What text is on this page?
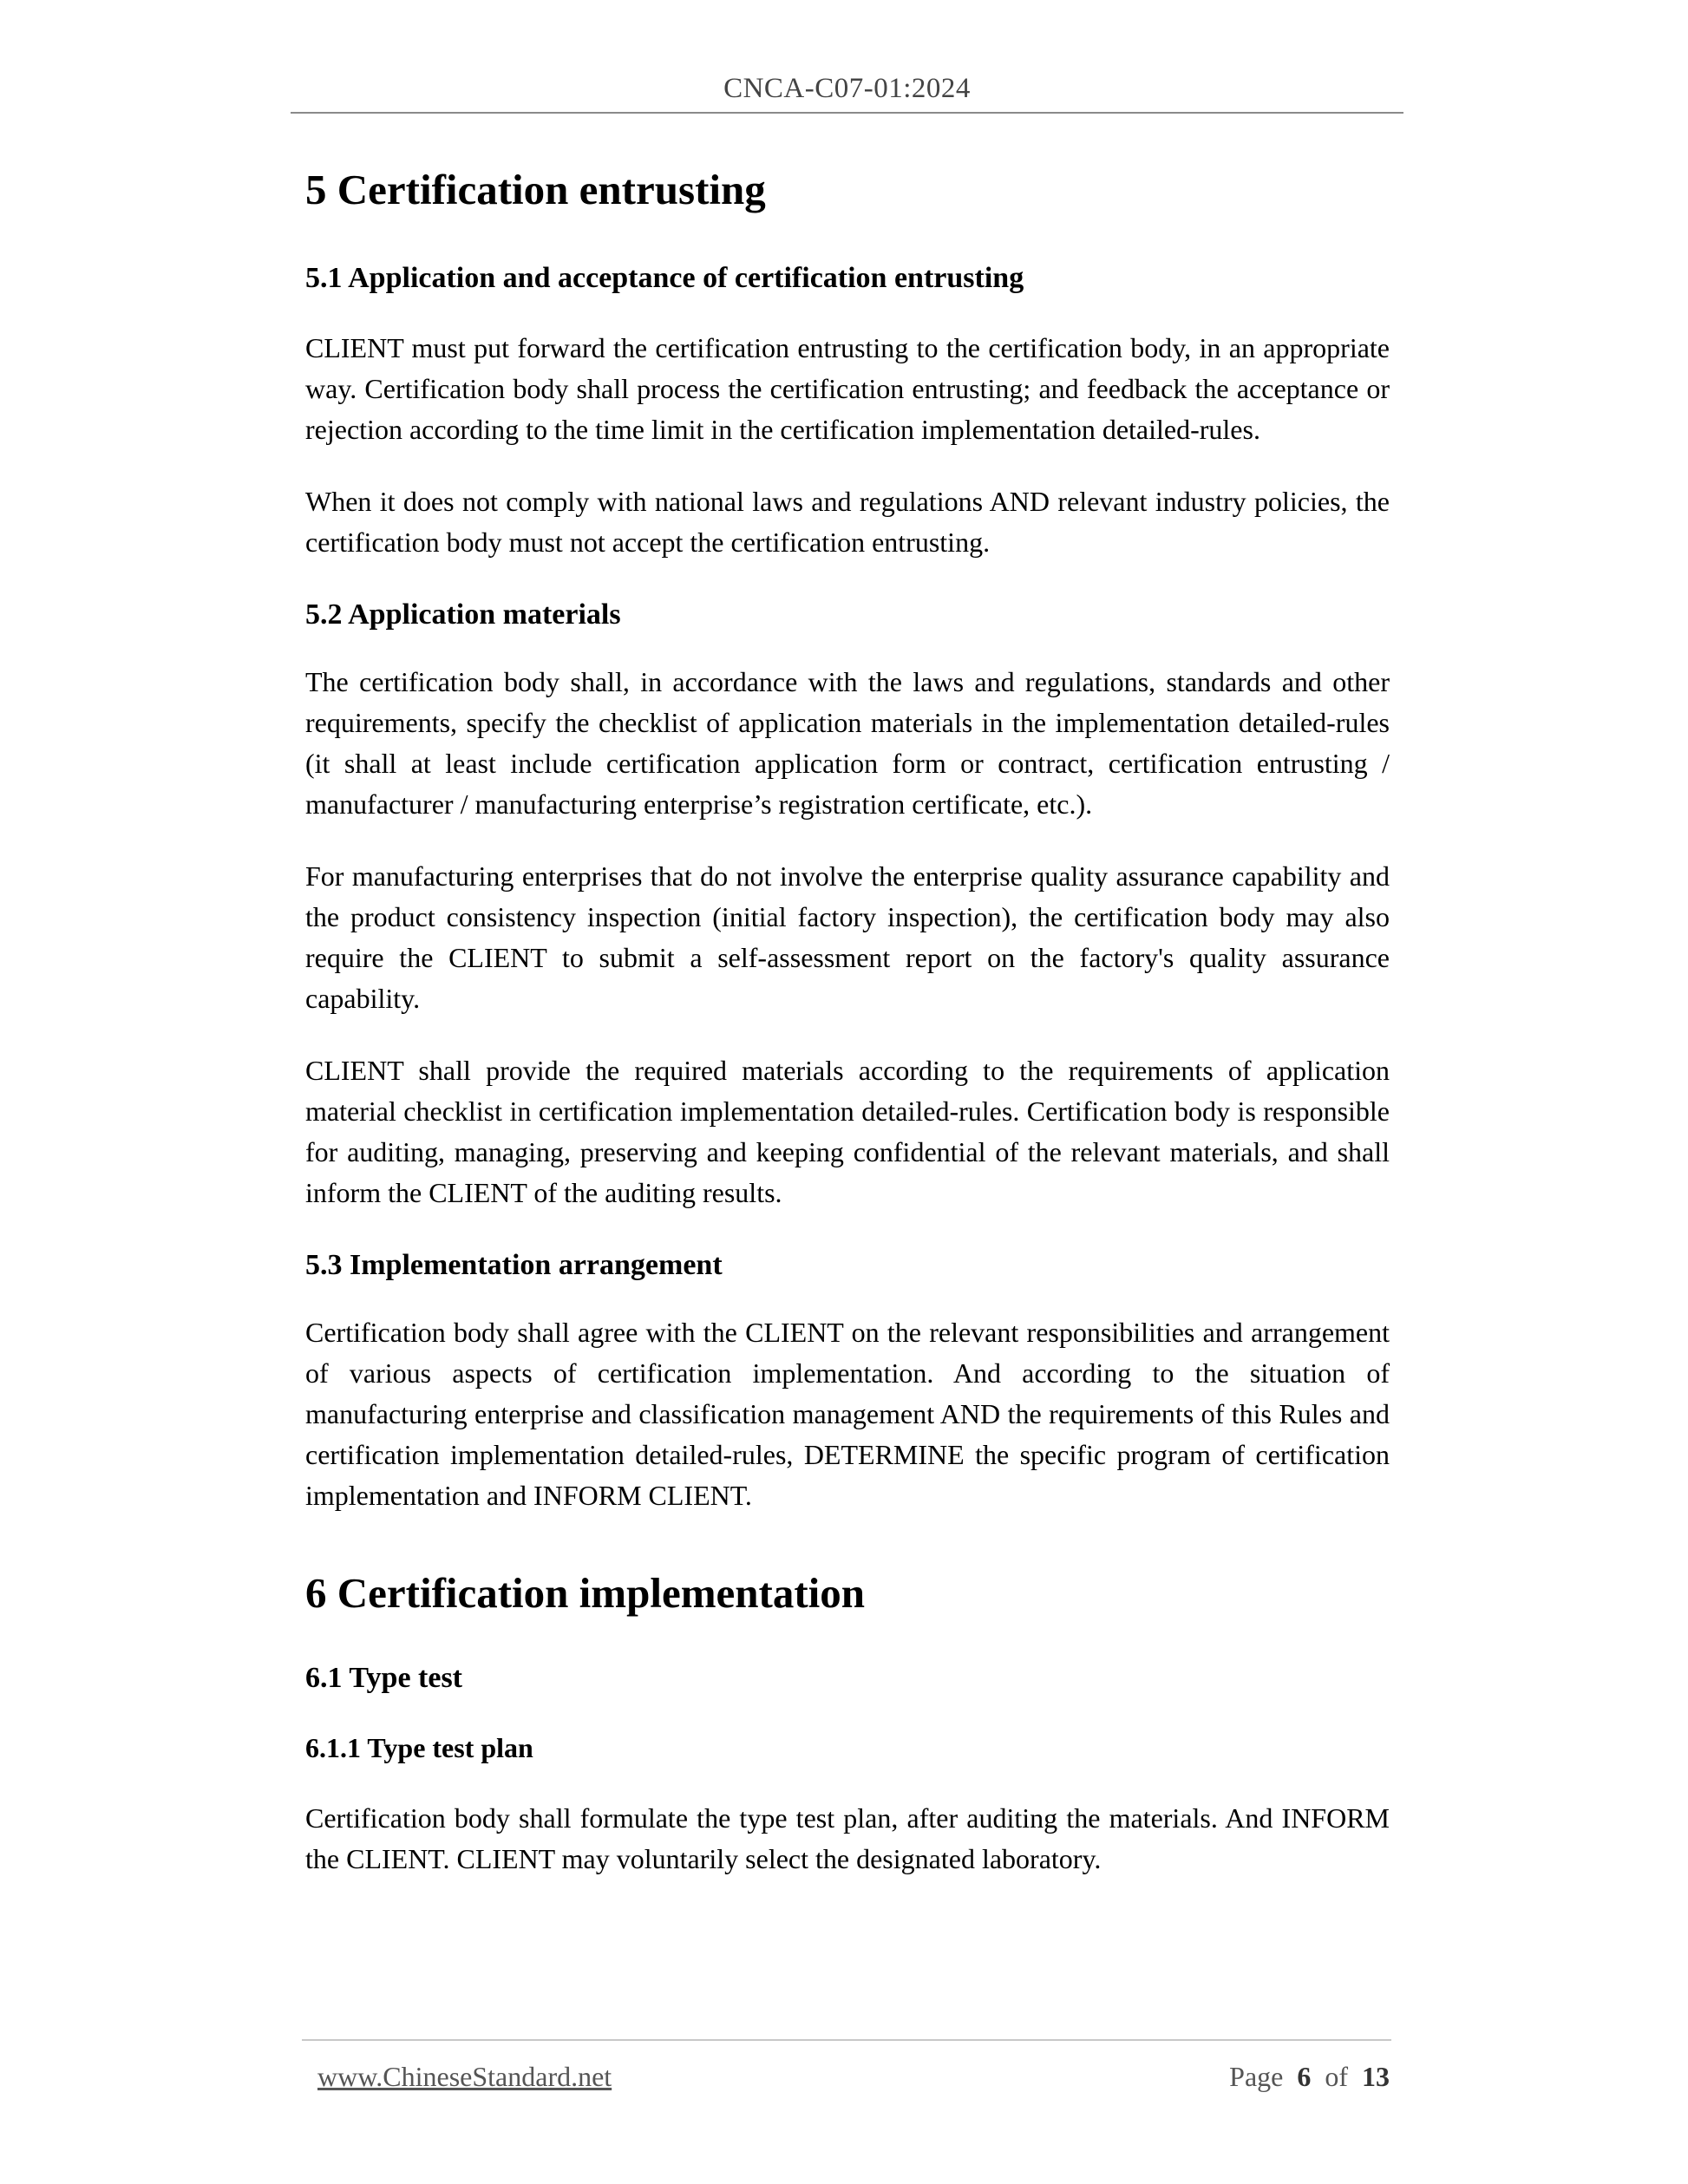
CNCA-C07-01:2024
5 Certification entrusting
5.1 Application and acceptance of certification entrusting

CLIENT must put forward the certification entrusting to the certification body, in an appropriate way. Certification body shall process the certification entrusting; and feedback the acceptance or rejection according to the time limit in the certification implementation detailed-rules.

When it does not comply with national laws and regulations AND relevant industry policies, the certification body must not accept the certification entrusting.

5.2 Application materials

The certification body shall, in accordance with the laws and regulations, standards and other requirements, specify the checklist of application materials in the implementation detailed-rules (it shall at least include certification application form or contract, certification entrusting / manufacturer / manufacturing enterprise’s registration certificate, etc.).

For manufacturing enterprises that do not involve the enterprise quality assurance capability and the product consistency inspection (initial factory inspection), the certification body may also require the CLIENT to submit a self-assessment report on the factory's quality assurance capability.

CLIENT shall provide the required materials according to the requirements of application material checklist in certification implementation detailed-rules. Certification body is responsible for auditing, managing, preserving and keeping confidential of the relevant materials, and shall inform the CLIENT of the auditing results.

5.3 Implementation arrangement

Certification body shall agree with the CLIENT on the relevant responsibilities and arrangement of various aspects of certification implementation. And according to the situation of manufacturing enterprise and classification management AND the requirements of this Rules and certification implementation detailed-rules, DETERMINE the specific program of certification implementation and INFORM CLIENT.

6 Certification implementation
6.1 Type test
6.1.1 Type test plan

Certification body shall formulate the type test plan, after auditing the materials. And INFORM the CLIENT. CLIENT may voluntarily select the designated laboratory.

www.ChineseStandard.net	Page 6 of 13
